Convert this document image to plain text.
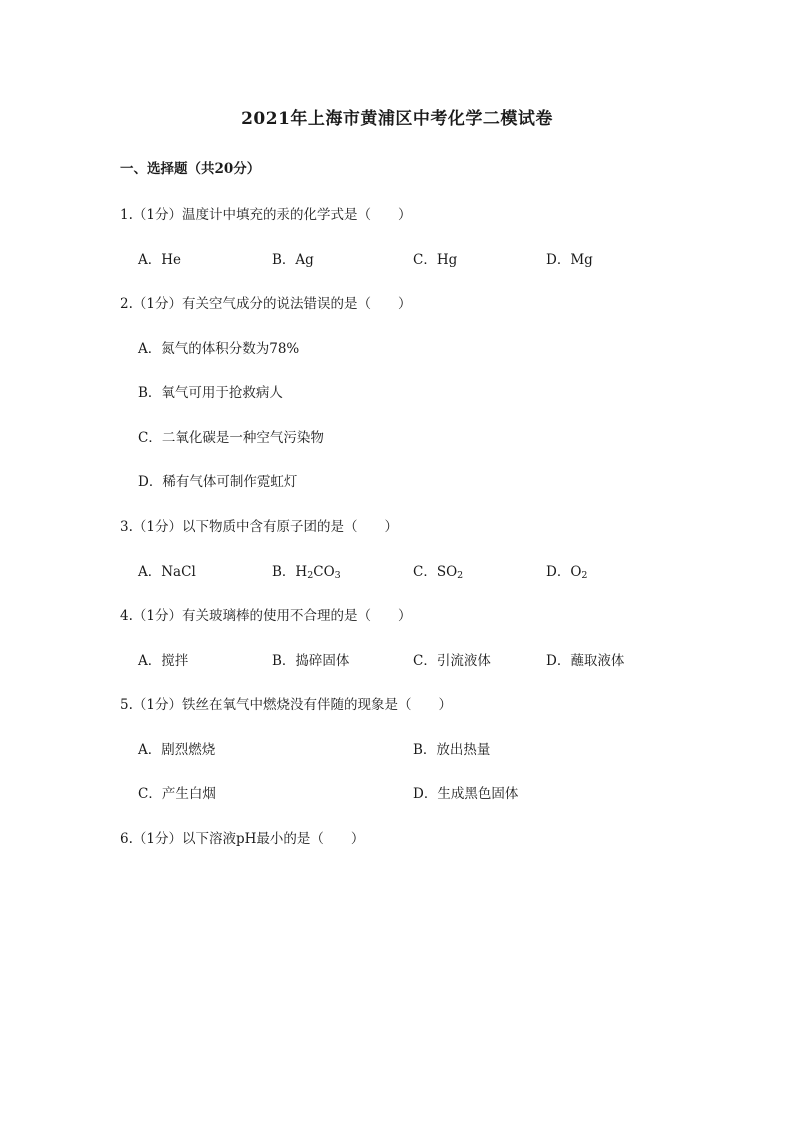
2021年上海市黄浦区中考化学二模试卷
一、选择题（共20分）
1.（1分）温度计中填充的汞的化学式是（　　）
A．He	B．Ag	C．Hg	D．Mg
2.（1分）有关空气成分的说法错误的是（　　）
A．氮气的体积分数为78%
B．氧气可用于抢救病人
C．二氧化碳是一种空气污染物
D．稀有气体可制作霓虹灯
3.（1分）以下物质中含有原子团的是（　　）
A．NaCl	B．$H_2CO_3$	C．$SO_2$	D．$O_2$
4.（1分）有关玻璃棒的使用不合理的是（　　）
A．搅拌	B．捣碎固体	C．引流液体	D．蘸取液体
5.（1分）铁丝在氧气中燃烧没有伴随的现象是（　　）
A．剧烈燃烧	B．放出热量
C．产生白烟	D．生成黑色固体
6.（1分）以下溶液pH最小的是（　　）
